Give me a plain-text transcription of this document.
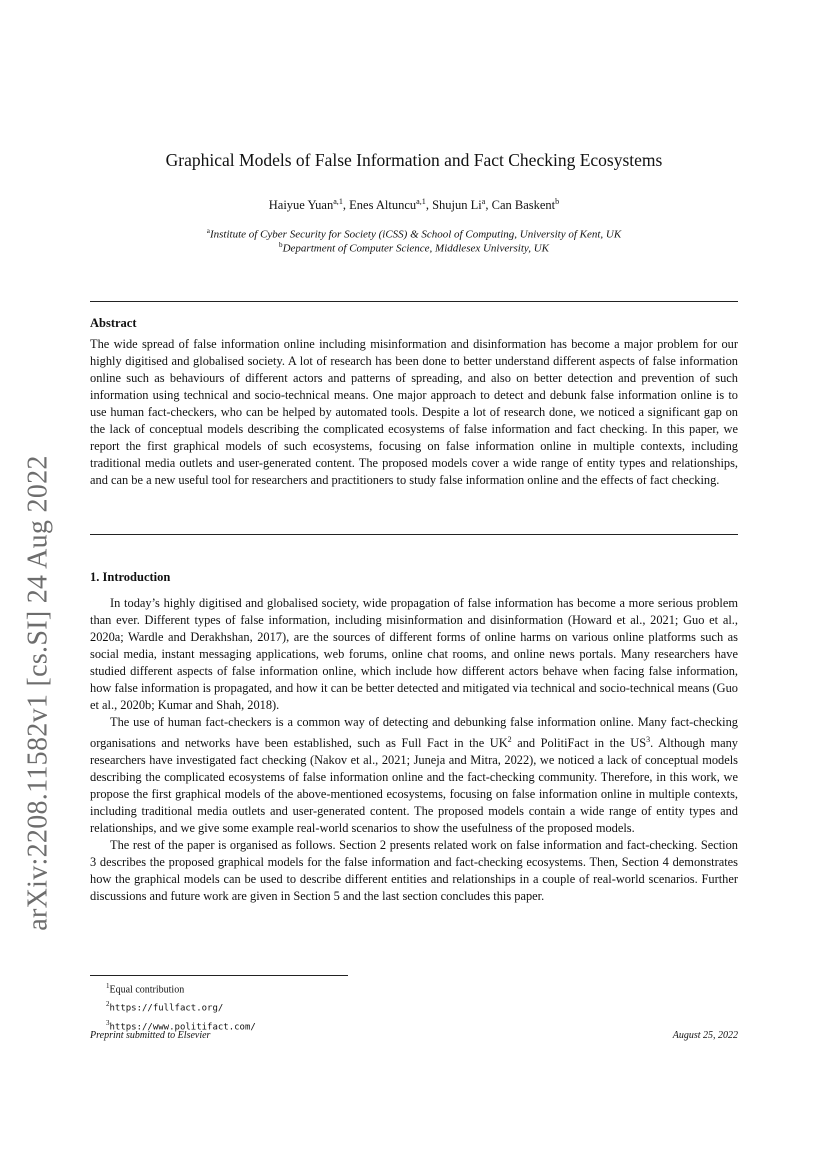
arXiv:2208.11582v1 [cs.SI] 24 Aug 2022
Graphical Models of False Information and Fact Checking Ecosystems
Haiyue Yuan$^{a,1}$, Enes Altuncu$^{a,1}$, Shujun Li$^a$, Can Baskent$^b$
$^a$Institute of Cyber Security for Society (iCSS) & School of Computing, University of Kent, UK
$^b$Department of Computer Science, Middlesex University, UK
Abstract

The wide spread of false information online including misinformation and disinformation has become a major problem for our highly digitised and globalised society. A lot of research has been done to better understand different aspects of false information online such as behaviours of different actors and patterns of spreading, and also on better detection and prevention of such information using technical and socio-technical means. One major approach to detect and debunk false information online is to use human fact-checkers, who can be helped by automated tools. Despite a lot of research done, we noticed a significant gap on the lack of conceptual models describing the complicated ecosystems of false information and fact checking. In this paper, we report the first graphical models of such ecosystems, focusing on false information online in multiple contexts, including traditional media outlets and user-generated content. The proposed models cover a wide range of entity types and relationships, and can be a new useful tool for researchers and practitioners to study false information online and the effects of fact checking.

1. Introduction

In today’s highly digitised and globalised society, wide propagation of false information has become a more serious problem than ever. Different types of false information, including misinformation and disinformation (Howard et al., 2021; Guo et al., 2020a; Wardle and Derakhshan, 2017), are the sources of different forms of online harms on various online platforms such as social media, instant messaging applications, web forums, online chat rooms, and online news portals. Many researchers have studied different aspects of false information online, which include how different actors behave when facing false information, how false information is propagated, and how it can be better detected and mitigated via technical and socio-technical means (Guo et al., 2020b; Kumar and Shah, 2018).

The use of human fact-checkers is a common way of detecting and debunking false information online. Many fact-checking organisations and networks have been established, such as Full Fact in the $UK^2$ and PolitiFact in the $US^3$. Although many researchers have investigated fact checking (Nakov et al., 2021; Juneja and Mitra, 2022), we noticed a lack of conceptual models describing the complicated ecosystems of false information online and the fact-checking community. Therefore, in this work, we propose the first graphical models of the above-mentioned ecosystems, focusing on false information online in multiple contexts, including traditional media outlets and user-generated content. The proposed models contain a wide range of entity types and relationships, and we give some example real-world scenarios to show the usefulness of the proposed models.

The rest of the paper is organised as follows. Section 2 presents related work on false information and fact-checking. Section 3 describes the proposed graphical models for the false information and fact-checking ecosystems. Then, Section 4 demonstrates how the graphical models can be used to describe different entities and relationships in a couple of real-world scenarios. Further discussions and future work are given in Section 5 and the last section concludes this paper.

$^1$Equal contribution
$^2$https://fullfact.org/
$^3$https://www.politifact.com/
Preprint submitted to Elsevier	August 25, 2022
